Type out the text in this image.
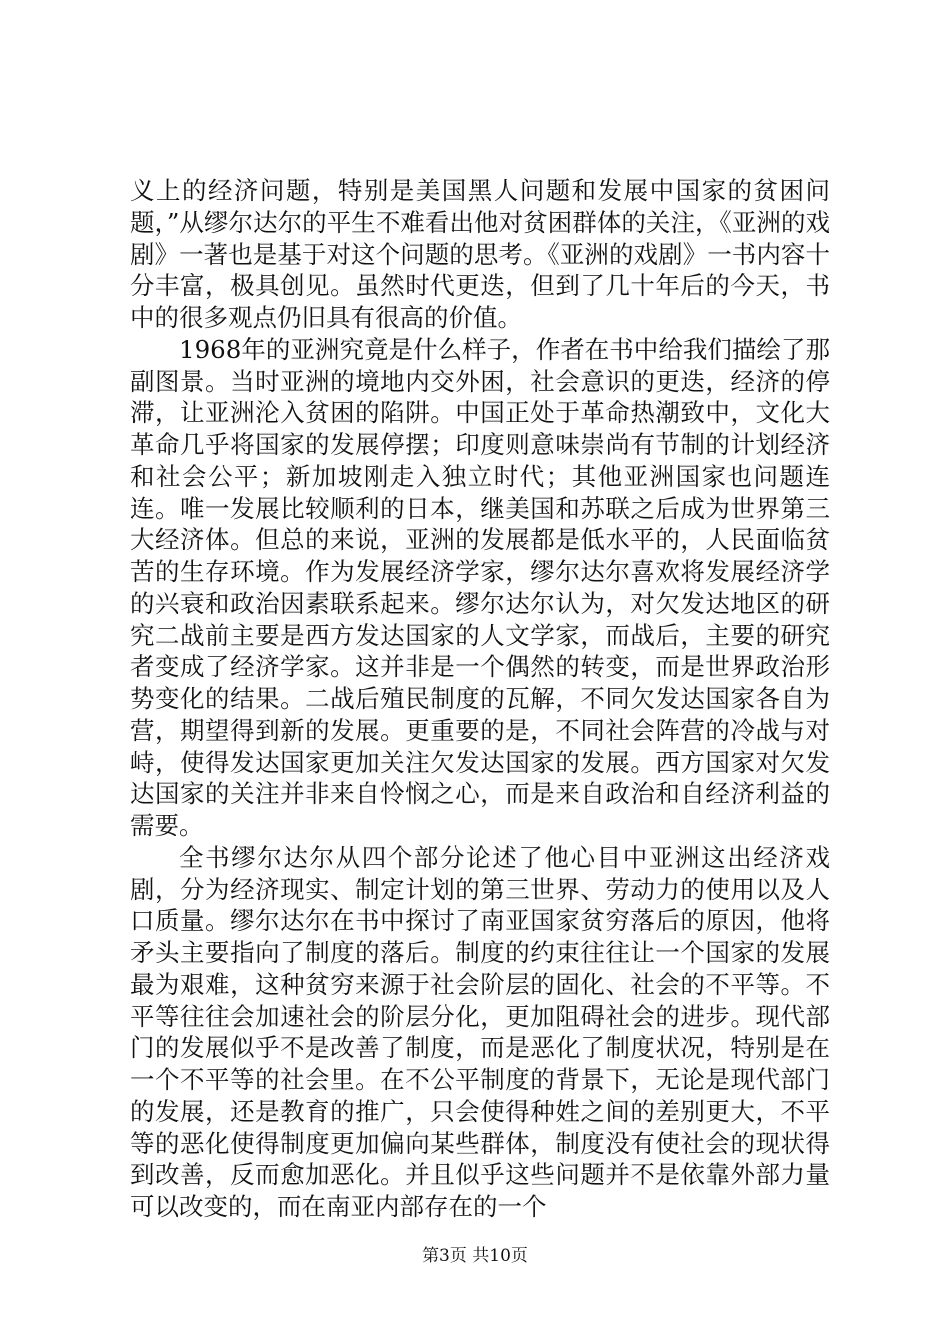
义上的经济问题，特别是美国黑人问题和发展中国家的贫困问题，”从缪尔达尔的平生不难看出他对贫困群体的关注，《亚洲的戏剧》一著也是基于对这个问题的思考。《亚洲的戏剧》一书内容十分丰富，极具创见。虽然时代更迭，但到了几十年后的今天，书中的很多观点仍旧具有很高的价值。

1968年的亚洲究竟是什么样子，作者在书中给我们描绘了那副图景。当时亚洲的境地内交外困，社会意识的更迭，经济的停滞，让亚洲沦入贫困的陷阱。中国正处于革命热潮致中，文化大革命几乎将国家的发展停摆；印度则意味崇尚有节制的计划经济和社会公平；新加坡刚走入独立时代；其他亚洲国家也问题连连。唯一发展比较顺利的日本，继美国和苏联之后成为世界第三大经济体。但总的来说，亚洲的发展都是低水平的，人民面临贫苦的生存环境。作为发展经济学家，缪尔达尔喜欢将发展经济学的兴衰和政治因素联系起来。缪尔达尔认为，对欠发达地区的研究二战前主要是西方发达国家的人文学家，而战后，主要的研究者变成了经济学家。这并非是一个偶然的转变，而是世界政治形势变化的结果。二战后殖民制度的瓦解，不同欠发达国家各自为营，期望得到新的发展。更重要的是，不同社会阵营的冷战与对峙，使得发达国家更加关注欠发达国家的发展。西方国家对欠发达国家的关注并非来自怜悯之心，而是来自政治和自经济利益的需要。

全书缪尔达尔从四个部分论述了他心目中亚洲这出经济戏剧，分为经济现实、制定计划的第三世界、劳动力的使用以及人口质量。缪尔达尔在书中探讨了南亚国家贫穷落后的原因，他将矛头主要指向了制度的落后。制度的约束往往让一个国家的发展最为艰难，这种贫穷来源于社会阶层的固化、社会的不平等。不平等往往会加速社会的阶层分化，更加阻碍社会的进步。现代部门的发展似乎不是改善了制度，而是恶化了制度状况，特别是在一个不平等的社会里。在不公平制度的背景下，无论是现代部门的发展，还是教育的推广，只会使得种姓之间的差别更大，不平等的恶化使得制度更加偏向某些群体，制度没有使社会的现状得到改善，反而愈加恶化。并且似乎这些问题并不是依靠外部力量可以改变的，而在南亚内部存在的一个

第3页 共10页
